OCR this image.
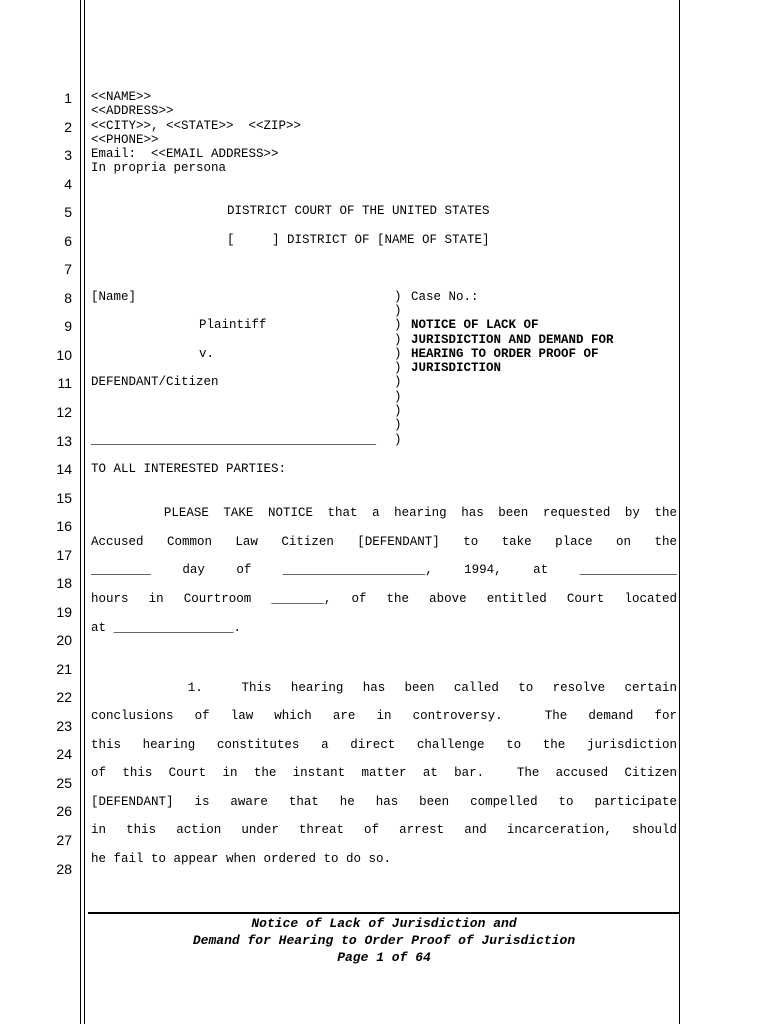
1
2
3
4
5
6
7
8
9
10
11
12
13
14
15
16
17
18
19
20
21
22
23
24
25
26
27
28
<<NAME>>
<<ADDRESS>>
<<CITY>>, <<STATE>>  <<ZIP>>
<<PHONE>>
Email:  <<EMAIL ADDRESS>>
In propria persona
DISTRICT COURT OF THE UNITED STATES
[     ] DISTRICT OF [NAME OF STATE]
[Name]
Plaintiff
v.
DEFENDANT/Citizen
______________________________________
)
)
)
)
)
)
)
)
)
)
)
Case No.:
NOTICE OF LACK OF
JURISDICTION AND DEMAND FOR
HEARING TO ORDER PROOF OF
JURISDICTION
TO ALL INTERESTED PARTIES:
PLEASE TAKE NOTICE that a hearing has been requested by the
Accused Common Law Citizen [DEFENDANT] to take place on the
________ day of ___________________, 1994, at _____________
hours in Courtroom _______, of the above entitled Court located
at ________________.
1.  This hearing has been called to resolve certain
conclusions of law which are in controversy.  The demand for
this hearing constitutes a direct challenge to the jurisdiction
of this Court in the instant matter at bar.  The accused Citizen
[DEFENDANT] is aware that he has been compelled to participate
in this action under threat of arrest and incarceration, should
he fail to appear when ordered to do so.
Notice of Lack of Jurisdiction and
Demand for Hearing to Order Proof of Jurisdiction
Page 1 of 64
